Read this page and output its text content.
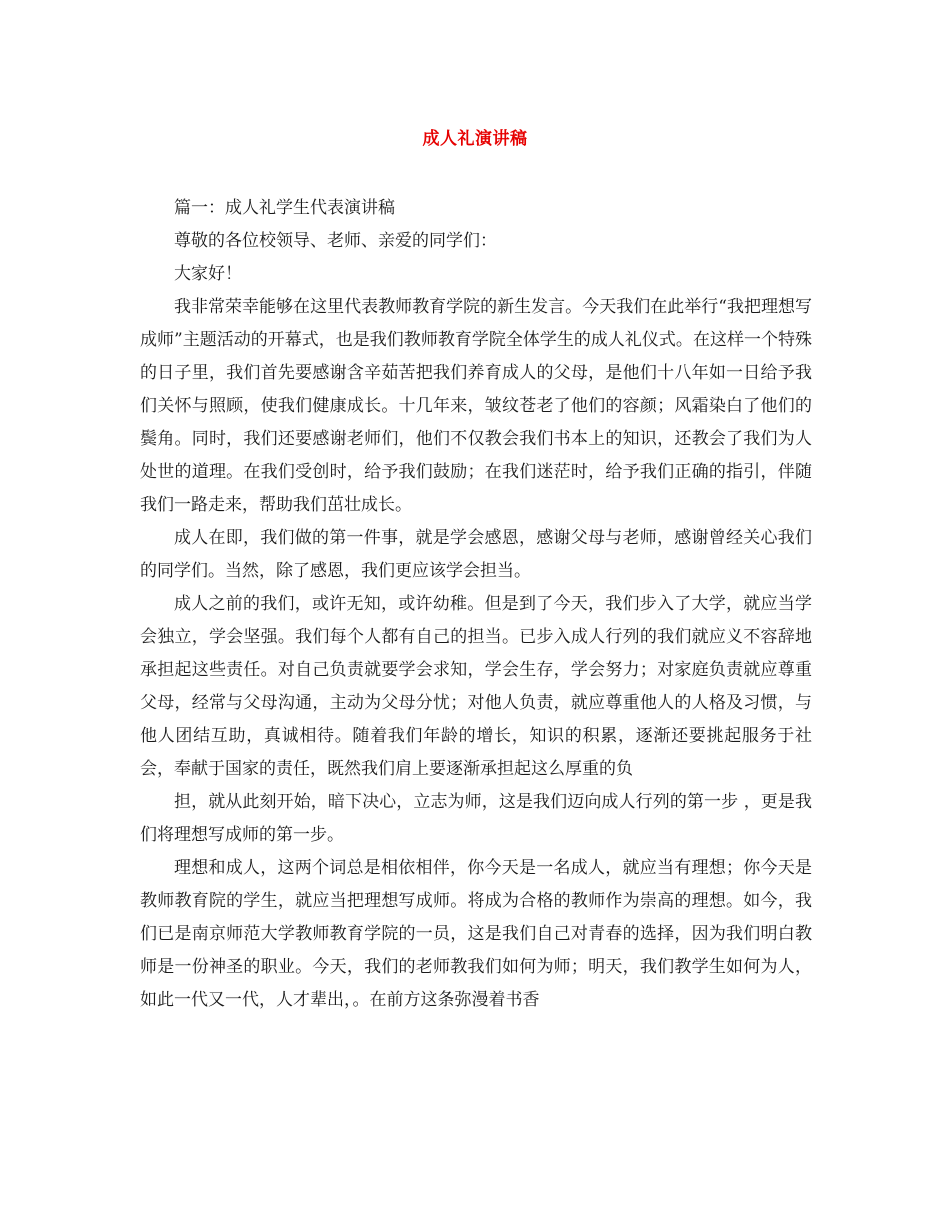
成人礼演讲稿

篇一：成人礼学生代表演讲稿

尊敬的各位校领导、老师、亲爱的同学们：

大家好！

我非常荣幸能够在这里代表教师教育学院的新生发言。今天我们在此举行“我把理想写成师”主题活动的开幕式，也是我们教师教育学院全体学生的成人礼仪式。在这样一个特殊的日子里，我们首先要感谢含辛茹苦把我们养育成人的父母，是他们十八年如一日给予我们关怀与照顾，使我们健康成长。十几年来，皱纹苍老了他们的容颜；风霜染白了他们的鬓角。同时，我们还要感谢老师们，他们不仅教会我们书本上的知识，还教会了我们为人处世的道理。在我们受创时，给予我们鼓励；在我们迷茫时，给予我们正确的指引，伴随我们一路走来，帮助我们茁壮成长。

成人在即，我们做的第一件事，就是学会感恩，感谢父母与老师，感谢曾经关心我们的同学们。当然，除了感恩，我们更应该学会担当。

成人之前的我们，或许无知，或许幼稚。但是到了今天，我们步入了大学，就应当学会独立，学会坚强。我们每个人都有自己的担当。已步入成人行列的我们就应义不容辞地承担起这些责任。对自己负责就要学会求知，学会生存，学会努力；对家庭负责就应尊重父母，经常与父母沟通，主动为父母分忧；对他人负责，就应尊重他人的人格及习惯，与他人团结互助，真诚相待。随着我们年龄的增长，知识的积累，逐渐还要挑起服务于社会，奉献于国家的责任，既然我们肩上要逐渐承担起这么厚重的负

担，就从此刻开始，暗下决心，立志为师，这是我们迈向成人行列的第一步 ，更是我们将理想写成师的第一步。

理想和成人，这两个词总是相依相伴，你今天是一名成人，就应当有理想；你今天是教师教育院的学生，就应当把理想写成师。将成为合格的教师作为崇高的理想。如今，我们已是南京师范大学教师教育学院的一员，这是我们自己对青春的选择，因为我们明白教师是一份神圣的职业。今天，我们的老师教我们如何为师；明天，我们教学生如何为人，如此一代又一代，人才辈出，。在前方这条弥漫着书香
